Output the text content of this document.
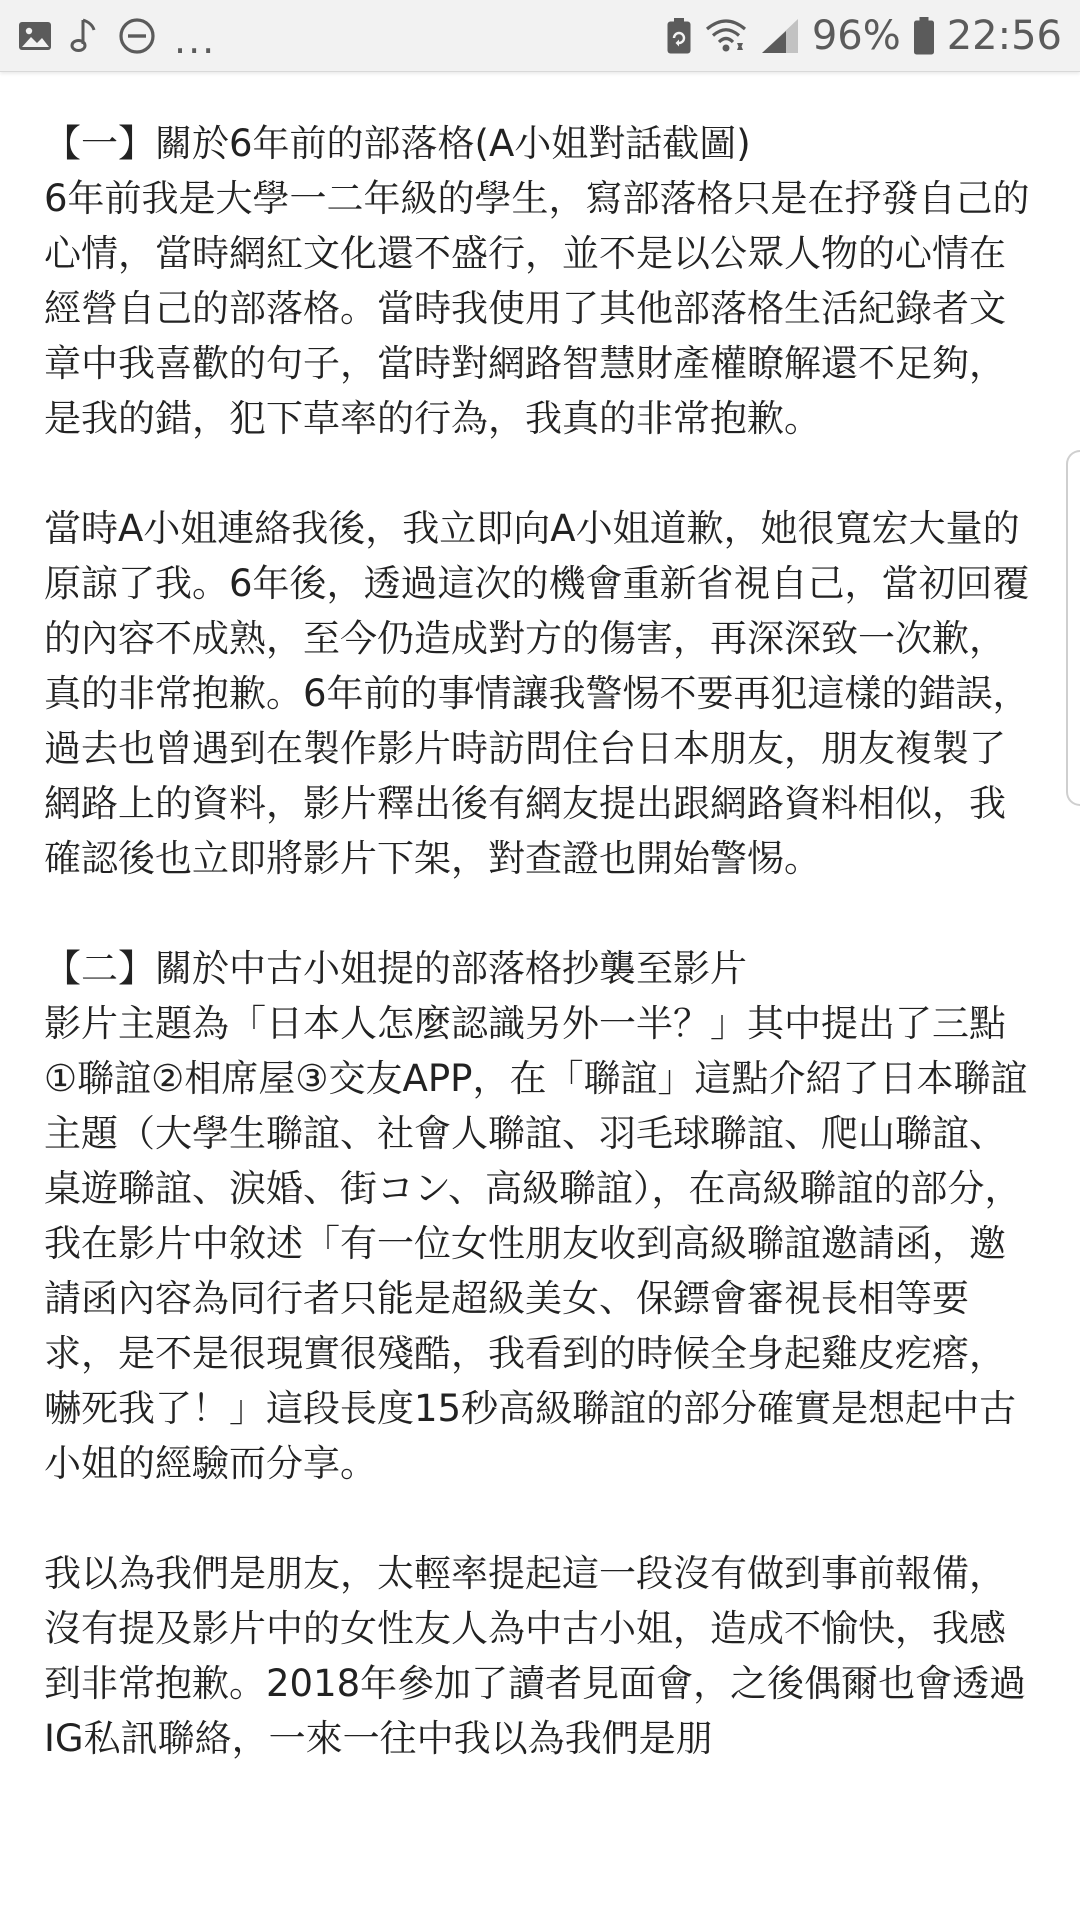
...	96% 22:56

【一】關於6年前的部落格(A小姐對話截圖)

6年前我是大學一二年級的學生，寫部落格只是在抒發自己的心情，當時網紅文化還不盛行，並不是以公眾人物的心情在經營自己的部落格。當時我使用了其他部落格生活紀錄者文章中我喜歡的句子，當時對網路智慧財產權瞭解還不足夠，是我的錯，犯下草率的行為，我真的非常抱歉。

當時A小姐連絡我後，我立即向A小姐道歉，她很寬宏大量的原諒了我。6年後，透過這次的機會重新省視自己，當初回覆的內容不成熟，至今仍造成對方的傷害，再深深致一次歉，真的非常抱歉。6年前的事情讓我警惕不要再犯這樣的錯誤，過去也曾遇到在製作影片時訪問住台日本朋友，朋友複製了網路上的資料，影片釋出後有網友提出跟網路資料相似，我確認後也立即將影片下架，對查證也開始警惕。

【二】關於中古小姐提的部落格抄襲至影片

影片主題為「日本人怎麼認識另外一半？」其中提出了三點①聯誼②相席屋③交友APP，在「聯誼」這點介紹了日本聯誼主題（大學生聯誼、社會人聯誼、羽毛球聯誼、爬山聯誼、桌遊聯誼、涙婚、街コン、高級聯誼），在高級聯誼的部分，我在影片中敘述「有一位女性朋友收到高級聯誼邀請函，邀請函內容為同行者只能是超級美女、保鏢會審視長相等要求，是不是很現實很殘酷，我看到的時候全身起雞皮疙瘩，嚇死我了！」這段長度15秒高級聯誼的部分確實是想起中古小姐的經驗而分享。

我以為我們是朋友，太輕率提起這一段沒有做到事前報備，沒有提及影片中的女性友人為中古小姐，造成不愉快，我感到非常抱歉。2018年參加了讀者見面會，之後偶爾也會透過IG私訊聯絡，一來一往中我以為我們是朋
